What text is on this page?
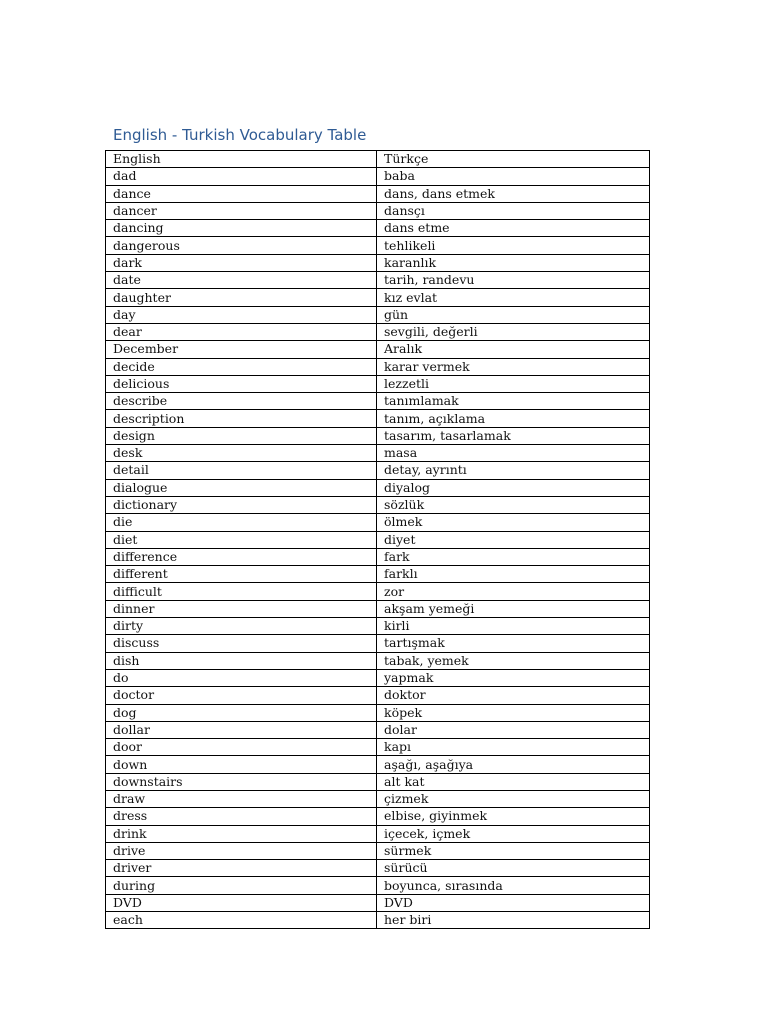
English - Turkish Vocabulary Table
English	Türkçe
dad	baba
dance	dans, dans etmek
dancer	dansçı
dancing	dans etme
dangerous	tehlikeli
dark	karanlık
date	tarih, randevu
daughter	kız evlat
day	gün
dear	sevgili, değerli
December	Aralık
decide	karar vermek
delicious	lezzetli
describe	tanımlamak
description	tanım, açıklama
design	tasarım, tasarlamak
desk	masa
detail	detay, ayrıntı
dialogue	diyalog
dictionary	sözlük
die	ölmek
diet	diyet
difference	fark
different	farklı
difficult	zor
dinner	akşam yemeği
dirty	kirli
discuss	tartışmak
dish	tabak, yemek
do	yapmak
doctor	doktor
dog	köpek
dollar	dolar
door	kapı
down	aşağı, aşağıya
downstairs	alt kat
draw	çizmek
dress	elbise, giyinmek
drink	içecek, içmek
drive	sürmek
driver	sürücü
during	boyunca, sırasında
DVD	DVD
each	her biri
